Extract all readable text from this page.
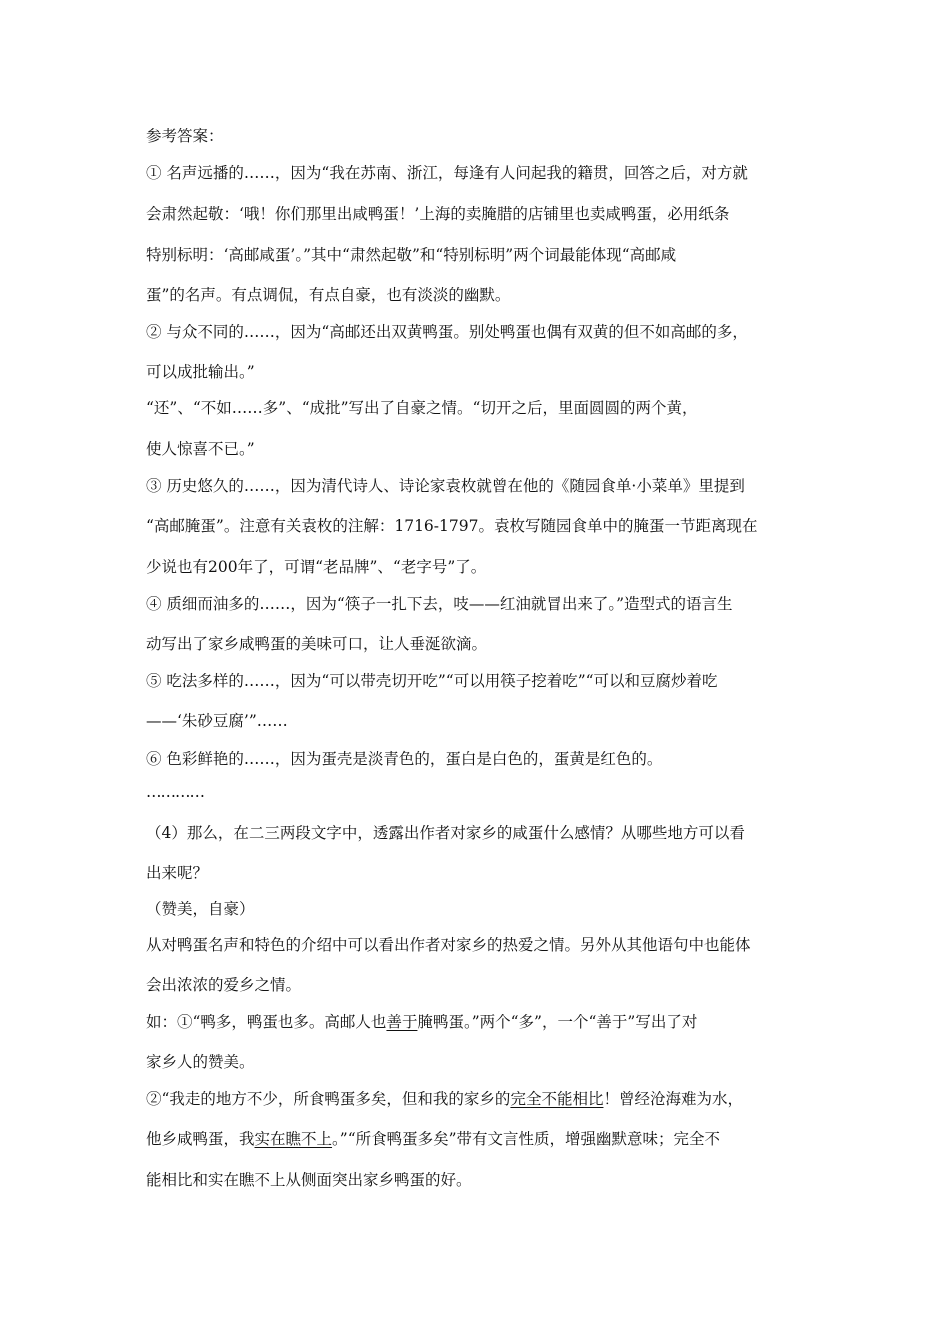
参考答案：
① 名声远播的……，因为“我在苏南、浙江，每逢有人问起我的籍贯，回答之后，对方就
会肃然起敬：‘哦！你们那里出咸鸭蛋！’上海的卖腌腊的店铺里也卖咸鸭蛋，必用纸条
特别标明：‘高邮咸蛋’。”其中“肃然起敬”和“特别标明”两个词最能体现“高邮咸
蛋”的名声。有点调侃，有点自豪，也有淡淡的幽默。
② 与众不同的……，因为“高邮还出双黄鸭蛋。别处鸭蛋也偶有双黄的但不如高邮的多，
可以成批输出。”
“还”、“不如……多”、“成批”写出了自豪之情。“切开之后，里面圆圆的两个黄，
使人惊喜不已。”
③ 历史悠久的……，因为清代诗人、诗论家袁枚就曾在他的《随园食单·小菜单》里提到
“高邮腌蛋”。注意有关袁枚的注解：1716-1797。袁枚写随园食单中的腌蛋一节距离现在
少说也有200年了，可谓“老品牌”、“老字号”了。
④ 质细而油多的……，因为“筷子一扎下去，吱——红油就冒出来了。”造型式的语言生
动写出了家乡咸鸭蛋的美味可口，让人垂涎欲滴。
⑤ 吃法多样的……，因为“可以带壳切开吃”“可以用筷子挖着吃”“可以和豆腐炒着吃
——‘朱砂豆腐’”……
⑥ 色彩鲜艳的……，因为蛋壳是淡青色的，蛋白是白色的，蛋黄是红色的。
…………
（4）那么，在二三两段文字中，透露出作者对家乡的咸蛋什么感情？从哪些地方可以看
出来呢？
（赞美，自豪）
从对鸭蛋名声和特色的介绍中可以看出作者对家乡的热爱之情。另外从其他语句中也能体
会出浓浓的爱乡之情。
如：①“鸭多，鸭蛋也多。高邮人也善于腌鸭蛋。”两个“多”，一个“善于”写出了对
家乡人的赞美。
②“我走的地方不少，所食鸭蛋多矣，但和我的家乡的完全不能相比！曾经沧海难为水，
他乡咸鸭蛋，我实在瞧不上。”“所食鸭蛋多矣”带有文言性质，增强幽默意味；完全不
能相比和实在瞧不上从侧面突出家乡鸭蛋的好。
